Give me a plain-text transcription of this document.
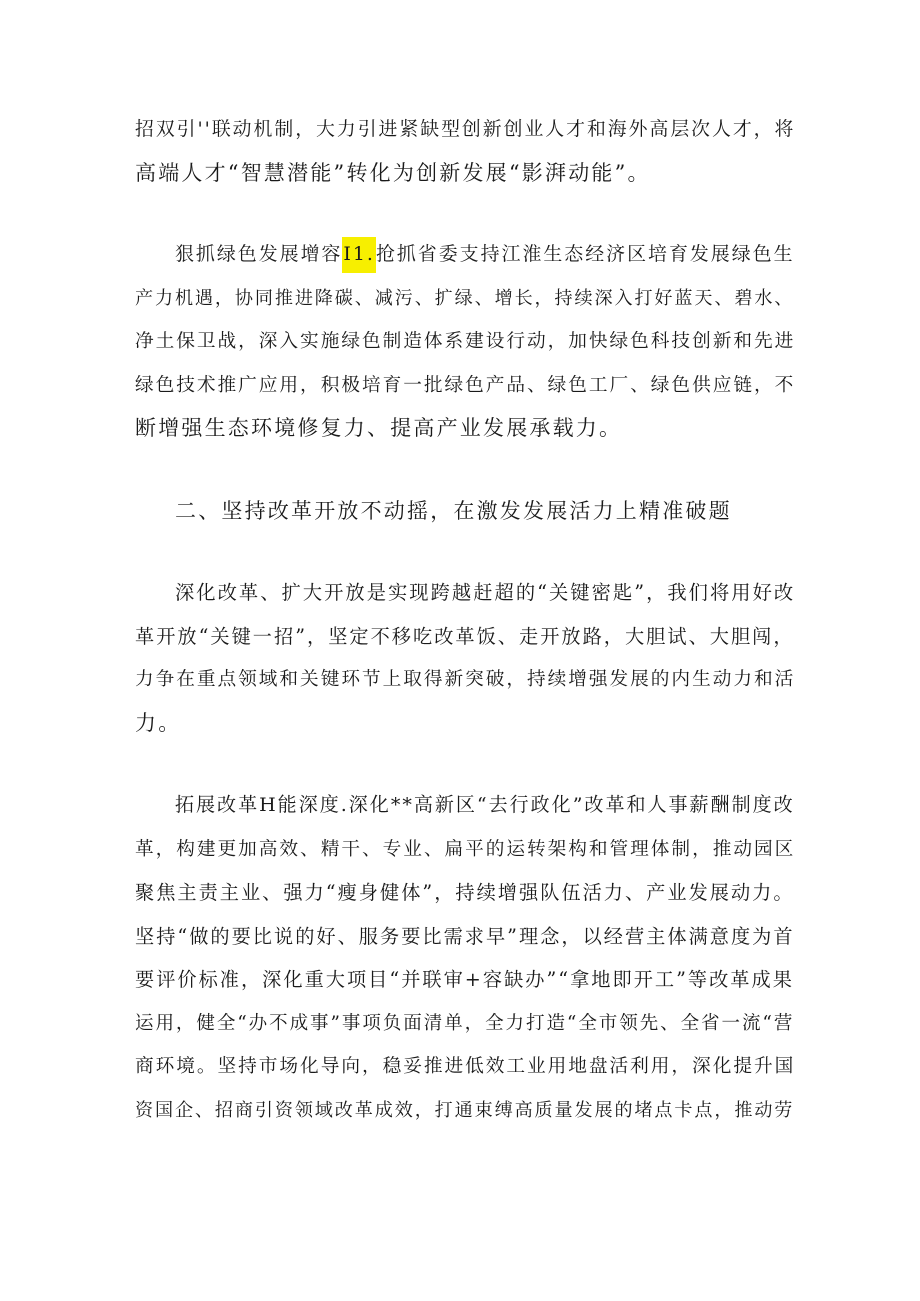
招双引''联动机制，大力引进紧缺型创新创业人才和海外高层次人才，将
高端人才“智慧潜能”转化为创新发展“影湃动能”。
狠抓绿色发展增容I1.抢抓省委支持江淮生态经济区培育发展绿色生
产力机遇，协同推进降碳、减污、扩绿、增长，持续深入打好蓝天、碧水、
净土保卫战，深入实施绿色制造体系建设行动，加快绿色科技创新和先进
绿色技术推广应用，积极培育一批绿色产品、绿色工厂、绿色供应链，不
断增强生态环境修复力、提高产业发展承载力。
二、坚持改革开放不动摇，在激发发展活力上精准破题
深化改革、扩大开放是实现跨越赶超的“关键密匙”，我们将用好改
革开放“关键一招”，坚定不移吃改革饭、走开放路，大胆试、大胆闯，
力争在重点领域和关键环节上取得新突破，持续增强发展的内生动力和活
力。
拓展改革H能深度.深化**高新区“去行政化”改革和人事薪酬制度改
革，构建更加高效、精干、专业、扁平的运转架构和管理体制，推动园区
聚焦主责主业、强力“瘦身健体”，持续增强队伍活力、产业发展动力。
坚持“做的要比说的好、服务要比需求早”理念，以经营主体满意度为首
要评价标准，深化重大项目“并联审+容缺办”“拿地即开工”等改革成果
运用，健全“办不成事”事项负面清单，全力打造“全市领先、全省一流“营
商环境。坚持市场化导向，稳妥推进低效工业用地盘活利用，深化提升国
资国企、招商引资领域改革成效，打通束缚高质量发展的堵点卡点，推动劳
